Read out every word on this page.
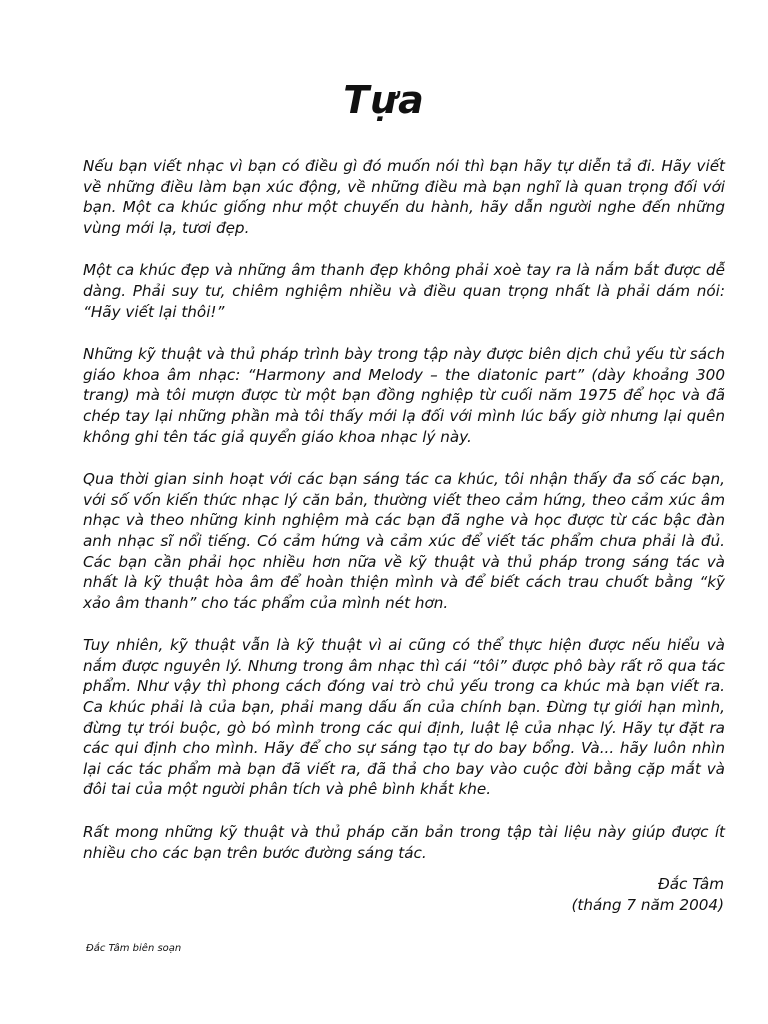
Tựa

Nếu bạn viết nhạc vì bạn có điều gì đó muốn nói thì bạn hãy tự diễn tả đi. Hãy viết về những điều làm bạn xúc động, về những điều mà bạn nghĩ là quan trọng đối với bạn. Một ca khúc giống như một chuyến du hành, hãy dẫn người nghe đến những vùng mới lạ, tươi đẹp.

Một ca khúc đẹp và những âm thanh đẹp không phải xoè tay ra là nắm bắt được dễ dàng. Phải suy tư, chiêm nghiệm nhiều và điều quan trọng nhất là phải dám nói: “Hãy viết lại thôi!”

Những kỹ thuật và thủ pháp trình bày trong tập này được biên dịch chủ yếu từ sách giáo khoa âm nhạc: “Harmony and Melody – the diatonic part” (dày khoảng 300 trang) mà tôi mượn được từ một bạn đồng nghiệp từ cuối năm 1975 để học và đã chép tay lại những phần mà tôi thấy mới lạ đối với mình lúc bấy giờ nhưng lại quên không ghi tên tác giả quyển giáo khoa nhạc lý này.

Qua thời gian sinh hoạt với các bạn sáng tác ca khúc, tôi nhận thấy đa số các bạn, với số vốn kiến thức nhạc lý căn bản, thường viết theo cảm hứng, theo cảm xúc âm nhạc và theo những kinh nghiệm mà các bạn đã nghe và học được từ các bậc đàn anh nhạc sĩ nổi tiếng. Có cảm hứng và cảm xúc để viết tác phẩm chưa phải là đủ. Các bạn cần phải học nhiều hơn nữa về kỹ thuật và thủ pháp trong sáng tác và nhất là kỹ thuật hòa âm để hoàn thiện mình và để biết cách trau chuốt bằng “kỹ xảo âm thanh” cho tác phẩm của mình nét hơn.

Tuy nhiên, kỹ thuật vẫn là kỹ thuật vì ai cũng có thể thực hiện được nếu hiểu và nắm được nguyên lý. Nhưng trong âm nhạc thì cái “tôi” được phô bày rất rõ qua tác phẩm. Như vậy thì phong cách đóng vai trò chủ yếu trong ca khúc mà bạn viết ra. Ca khúc phải là của bạn, phải mang dấu ấn của chính bạn. Đừng tự giới hạn mình, đừng tự trói buộc, gò bó mình trong các qui định, luật lệ của nhạc lý. Hãy tự đặt ra các qui định cho mình. Hãy để cho sự sáng tạo tự do bay bổng. Và... hãy luôn nhìn lại các tác phẩm mà bạn đã viết ra, đã thả cho bay vào cuộc đời bằng cặp mắt và đôi tai của một người phân tích và phê bình khắt khe.

Rất mong những kỹ thuật và thủ pháp căn bản trong tập tài liệu này giúp được ít nhiều cho các bạn trên bước đường sáng tác.

Đắc Tâm
(tháng 7 năm 2004)
Đắc Tâm biên soạn
